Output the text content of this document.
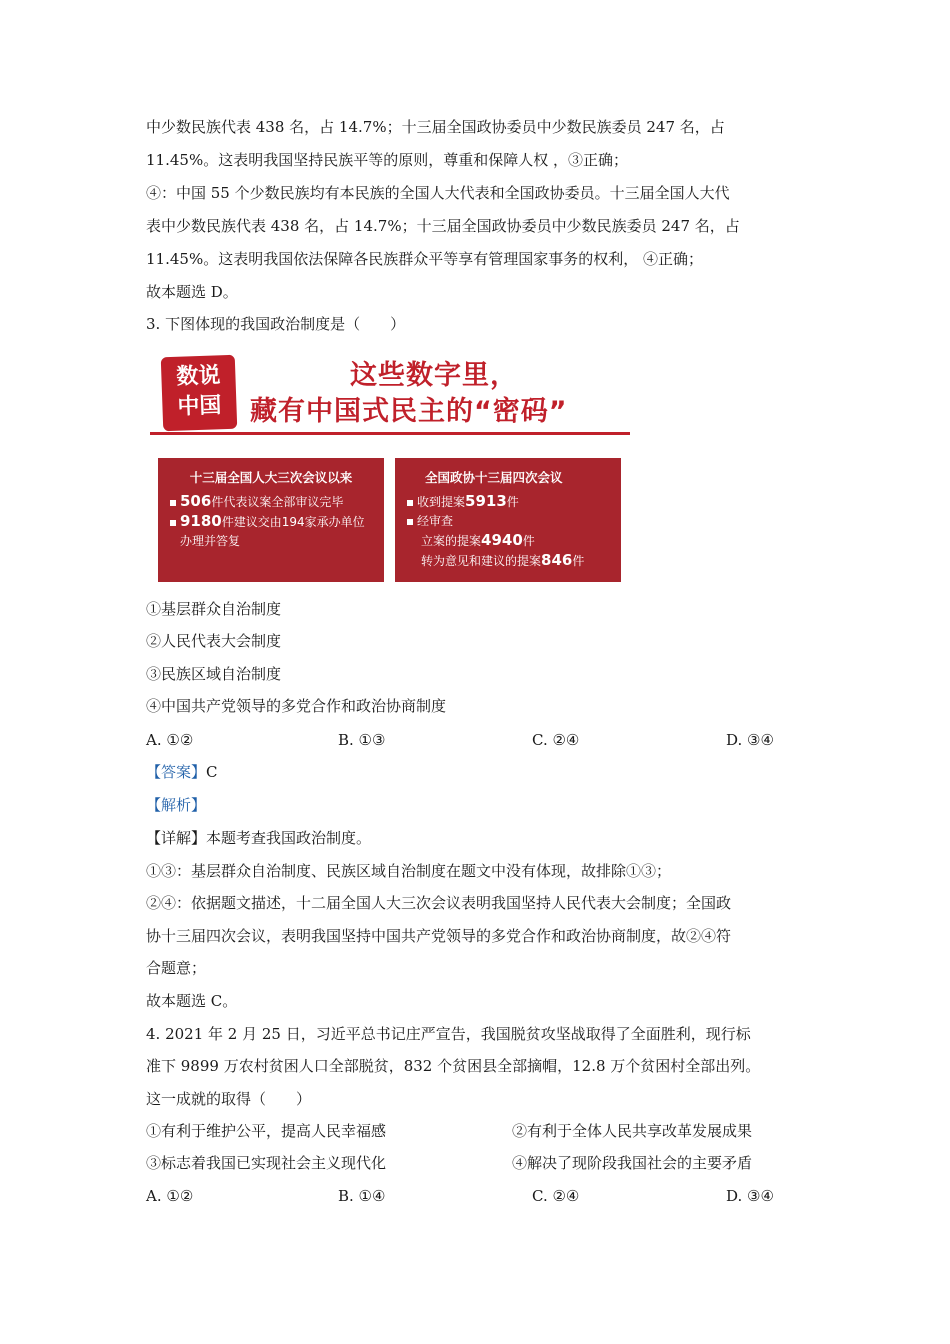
中少数民族代表 438 名，占 14.7%；十三届全国政协委员中少数民族委员 247 名，占
11.45%。这表明我国坚持民族平等的原则，尊重和保障人权 ，③正确；
④：中国 55 个少数民族均有本民族的全国人大代表和全国政协委员。十三届全国人大代
表中少数民族代表 438 名，占 14.7%；十三届全国政协委员中少数民族委员 247 名，占
11.45%。这表明我国依法保障各民族群众平等享有管理国家事务的权利， ④正确；
故本题选 D。
3. 下图体现的我国政治制度是（　　）
数说
中国
这些数字里，
藏有中国式民主的“密码”
十三届全国人大三次会议以来
506件代表议案全部审议完毕
9180件建议交由194家承办单位
办理并答复
全国政协十三届四次会议
收到提案5913件
经审查
立案的提案4940件
转为意见和建议的提案846件
①基层群众自治制度
②人民代表大会制度
③民族区域自治制度
④中国共产党领导的多党合作和政治协商制度
A. ①②	B. ①③	C. ②④	D. ③④
【答案】C
【解析】
【详解】本题考查我国政治制度。
①③：基层群众自治制度、民族区域自治制度在题文中没有体现，故排除①③；
②④：依据题文描述，十二届全国人大三次会议表明我国坚持人民代表大会制度；全国政
协十三届四次会议，表明我国坚持中国共产党领导的多党合作和政治协商制度，故②④符
合题意；
故本题选 C。
4. 2021 年 2 月 25 日，习近平总书记庄严宣告，我国脱贫攻坚战取得了全面胜利，现行标
准下 9899 万农村贫困人口全部脱贫，832 个贫困县全部摘帽，12.8 万个贫困村全部出列。
这一成就的取得（　　）
①有利于维护公平，提高人民幸福感	②有利于全体人民共享改革发展成果
③标志着我国已实现社会主义现代化	④解决了现阶段我国社会的主要矛盾
A. ①②	B. ①④	C. ②④	D. ③④
